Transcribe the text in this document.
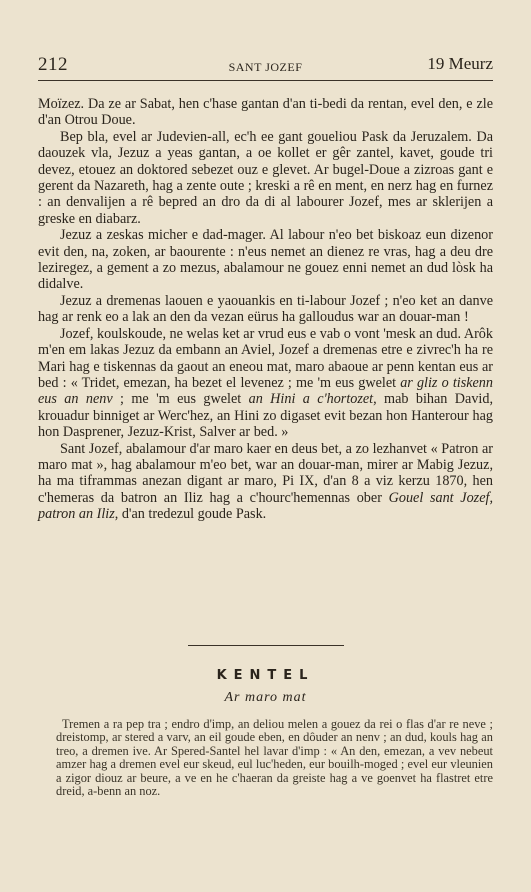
212	SANT JOZEF	19 Meurz

Moïzez. Da ze ar Sabat, hen c'hase gantan d'an ti-bedi da rentan, evel den, e zle d'an Otrou Doue.

Bep bla, evel ar Judevien-all, ec'h ee gant goueliou Pask da Jeruzalem. Da daouzek vla, Jezuz a yeas gantan, a oe kollet er gêr zantel, kavet, goude tri devez, etouez an doktored sebezet ouz e glevet. Ar bugel-Doue a zizroas gant e gerent da Nazareth, hag a zente oute ; kreski a rê en ment, en nerz hag en furnez : an denvalijen a rê bepred an dro da di al labourer Jozef, mes ar sklerijen a greske en diabarz.

Jezuz a zeskas micher e dad-mager. Al labour n'eo bet biskoaz eun dizenor evit den, na, zoken, ar baourente : n'eus nemet an dienez re vras, hag a deu dre leziregez, a gement a zo mezus, abalamour ne gouez enni nemet an dud lòsk ha didalve.

Jezuz a dremenas laouen e yaouankis en ti-labour Jozef ; n'eo ket an danve hag ar renk eo a lak an den da vezan eürus ha galloudus war an douar-man !

Jozef, koulskoude, ne welas ket ar vrud eus e vab o vont 'mesk an dud. Arôk m'en em lakas Jezuz da embann an Aviel, Jozef a dremenas etre e zivrec'h ha re Mari hag e tiskennas da gaout an eneou mat, maro abaoue ar penn kentan eus ar bed : « Tridet, emezan, ha bezet el levenez ; me 'm eus gwelet ar gliz o tiskenn eus an nenv ; me 'm eus gwelet an Hini a c'hortozet, mab bihan David, krouadur binniget ar Werc'hez, an Hini zo digaset evit bezan hon Hanterour hag hon Dasprener, Jezuz-Krist, Salver ar bed. »

Sant Jozef, abalamour d'ar maro kaer en deus bet, a zo lezhanvet « Patron ar maro mat », hag abalamour m'eo bet, war an douar-man, mirer ar Mabig Jezuz, ha ma tiframmas anezan digant ar maro, Pi IX, d'an 8 a viz kerzu 1870, hen c'hemeras da batron an Iliz hag a c'hourc'hemennas ober Gouel sant Jozef, patron an Iliz, d'an tredezul goude Pask.

KENTEL
Ar maro mat

Tremen a ra pep tra ; endro d'imp, an deliou melen a gouez da rei o flas d'ar re neve ; dreistomp, ar stered a varv, an eil goude eben, en dôuder an nenv ; an dud, kouls hag an treo, a dremen ive. Ar Spered-Santel hel lavar d'imp : « An den, emezan, a vev nebeut amzer hag a dremen evel eur skeud, eul luc'heden, eur bouilh-moged ; evel eur vleunien a zigor diouz ar beure, a ve en he c'haeran da greiste hag a ve goenvet ha flastret etre dreid, a-benn an noz.
